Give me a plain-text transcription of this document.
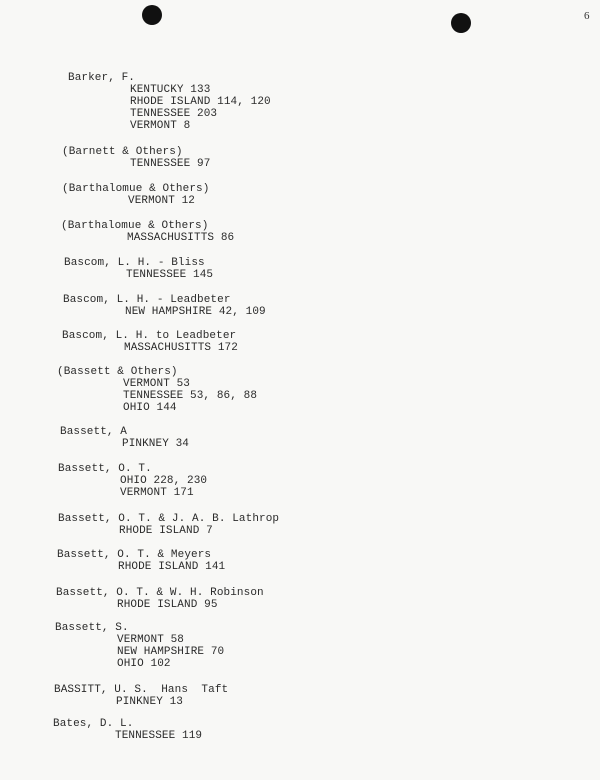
6
Barker, F.
KENTUCKY 133
RHODE ISLAND 114, 120
TENNESSEE 203
VERMONT 8
(Barnett & Others)
TENNESSEE 97
(Barthalomue & Others)
VERMONT 12
(Barthalomue & Others)
MASSACHUSITTS 86
Bascom, L. H. - Bliss
TENNESSEE 145
Bascom, L. H. - Leadbeter
NEW HAMPSHIRE 42, 109
Bascom, L. H. to Leadbeter
MASSACHUSITTS 172
(Bassett & Others)
VERMONT 53
TENNESSEE 53, 86, 88
OHIO 144
Bassett, A
PINKNEY 34
Bassett, O. T.
OHIO 228, 230
VERMONT 171
Bassett, O. T. & J. A. B. Lathrop
RHODE ISLAND 7
Bassett, O. T. & Meyers
RHODE ISLAND 141
Bassett, O. T. & W. H. Robinson
RHODE ISLAND 95
Bassett, S.
VERMONT 58
NEW HAMPSHIRE 70
OHIO 102
BASSITT, U. S.  Hans  Taft
PINKNEY 13
Bates, D. L.
TENNESSEE 119
